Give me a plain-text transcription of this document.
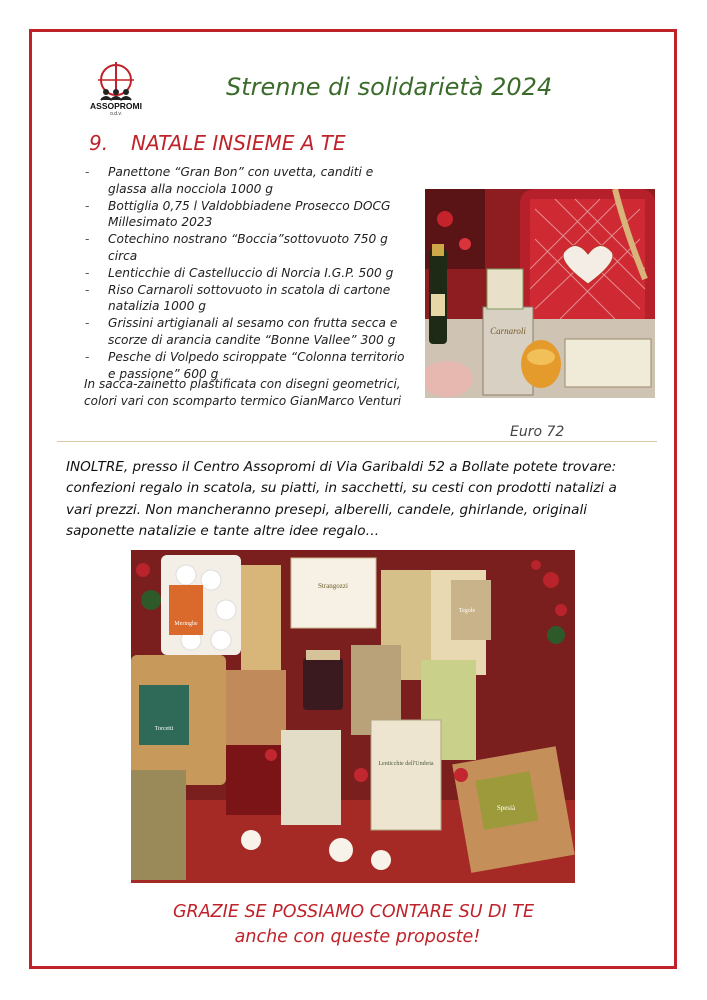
ASSOPROMI
o.d.v.
Strenne di solidarietà 2024
9. NATALE INSIEME A TE
- Panettone “Gran Bon” con uvetta, canditi e glassa alla nocciola 1000 g
- Bottiglia 0,75 l Valdobbiadene Prosecco DOCG Millesimato 2023
- Cotechino nostrano “Boccia”sottovuoto 750 g circa
- Lenticchie di Castelluccio di Norcia I.G.P. 500 g
- Riso Carnaroli sottovuoto in scatola di cartone natalizia 1000 g
- Grissini artigianali al sesamo con frutta secca e scorze di arancia candite “Bonne Vallee” 300 g
- Pesche di Volpedo sciroppate “Colonna territorio e passione” 600 g
In sacca-zainetto plastificata con disegni geometrici, colori vari con scomparto termico GianMarco Venturi
Carnaroli
Euro 72
INOLTRE, presso il Centro Assopromi di Via Garibaldi 52 a Bollate potete trovare: confezioni regalo in scatola, su piatti, in sacchetti, su cesti con prodotti natalizi a vari prezzi. Non mancheranno presepi, alberelli, candele, ghirlande, originali saponette natalizie e tante altre idee regalo…
Meringhe
Strangozzi
Tegole
Torcetti
Lenticchie dell'Umbria
Spesià
GRAZIE SE POSSIAMO CONTARE SU DI TE
anche con queste proposte!
